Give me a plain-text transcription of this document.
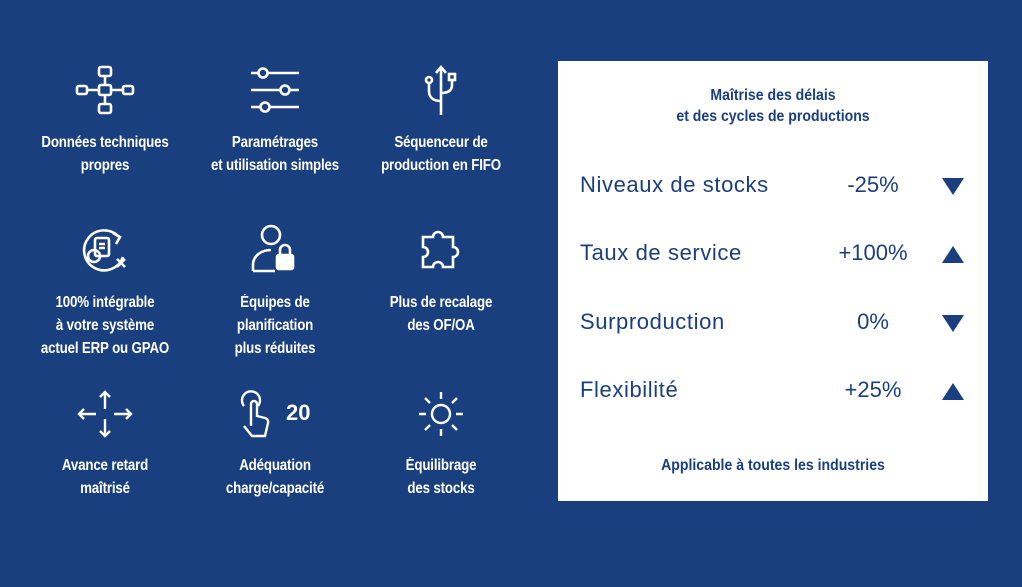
Données techniques
propres
Paramétrages
et utilisation simples
Séquenceur de
production en FIFO
100% intégrable
à votre système
actuel ERP ou GPAO
Équipes de
planification
plus réduites
Plus de recalage
des OF/OA
Avance retard
maîtrisé
20
Adéquation
charge/capacité
Équilibrage
des stocks
Maîtrise des délais
et des cycles de productions
Niveaux de stocks	-25%
Taux de service	+100%
Surproduction	0%
Flexibilité	+25%
Applicable à toutes les industries
